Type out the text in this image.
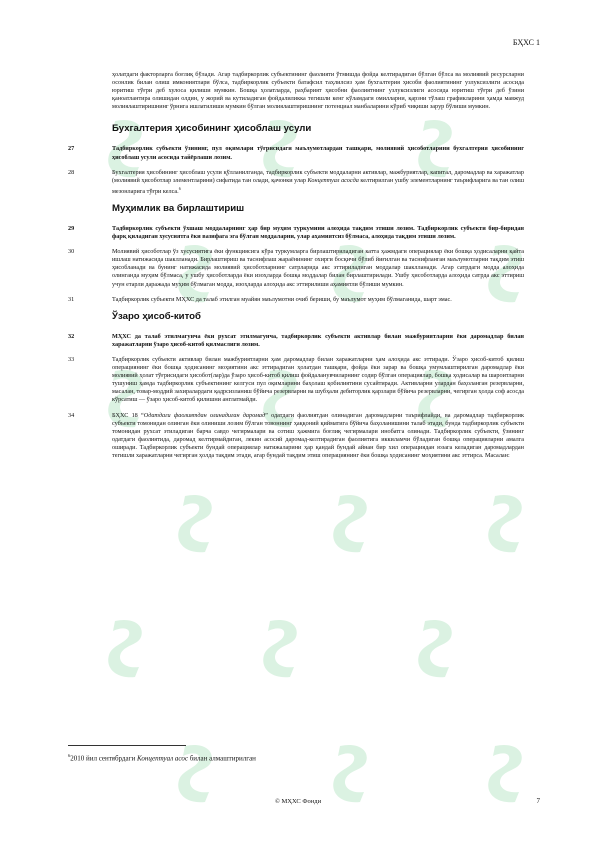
БҲХС 1

ҳолатдаги факторларга боғлиқ бўлади. Агар тадбиркорлик субъектининг фаолияти ўтмишда фойда келтирадиган бўлган бўлса ва молиявий ресурсларни осонлик билан олиш имкониятлари бўлса, тадбиркорлик субъекти батафсил таҳлилсиз ҳам бухгалтерия ҳисоби фаолиятининг узлуксизлиги асосида юритиш тўғри деб хулоса қилиши мумкин. Бошқа ҳолатларда, раҳбарият ҳисобни фаолиятнинг узлуксизлиги асосида юритиш тўғри деб ўзини қаноатлантира олишидан олдин, у жорий ва кутиладиган фойдалиликка тегишли кенг кўламдаги омилларни, қарзни тўлаш графикларини ҳамда мавжуд молиялаштиришнинг ўрнига ишлатилиши мумкин бўлган молиялаштиришнинг потенциал манбаларини кўриб чиқиши зарур бўлиши мумкин.

Бухгалтерия ҳисобининг ҳисоблаш усули
27	Тадбиркорлик субъекти ўзининг, пул оқимлари тўғрисидаги маълумотлардан ташқари, молиявий ҳисоботларини бухгалтерия ҳисобининг ҳисоблаш усули асосида тайёрлаши лозим.

28	Бухгалтерия ҳисобининг ҳисоблаш усули қўлланилганда, тадбиркорлик субъекти моддаларни активлар, мажбуриятлар, капитал, даромадлар ва харажатлар (молиявий ҳисоботлар элементларини) сифатида тан олади, қачонки улар Концептуал асосда келтирилган ушбу элементларнинг таърифларига ва тан олиш мезонларига тўғри келса.$^6$

Муҳимлик ва бирлаштириш
29	Тадбиркорлик субъекти ўхшаш моддаларнинг ҳар бир муҳим туркумини алоҳида тақдим этиши лозим. Тадбиркорлик субъекти бир-биридан фарқ қиладиган хусусиятга ёки вазифага эга бўлган моддаларни, улар аҳамиятсиз бўлмаса, алоҳида тақдим этиши лозим.

30	Молиявий ҳисоботлар ўз хусусиятига ёки функциясига кўра туркумларга бирлаштириладиган катта ҳажмдаги операциялар ёки бошқа ҳодисаларни қайта ишлаш натижасида шаклланади. Бирлаштириш ва таснифлаш жараёнининг охирги босқичи бўлиб йиғилган ва таснифланган маълумотларни тақдим этиш ҳисобланади ва бунинг натижасида молиявий ҳисоботларнинг сатрларида акс эттириладиган моддалар шаклланади. Агар сатрдаги модда алоҳида олинганда муҳим бўлмаса, у ушбу ҳисоботларда ёки изоҳларда бошқа моддалар билан бирлаштирилади. Ушбу ҳисоботларда алоҳида сатрда акс эттириш учун етарли даражада муҳим бўлмаган модда, изоҳларда алоҳида акс эттирилиши аҳамиятли бўлиши мумкин.

31	Тадбиркорлик субъекти МҲХС да талаб этилган муайян маълумотни очиб бериши, бу маълумот муҳим бўлмаганида, шарт эмас.

Ўзаро ҳисоб-китоб
32	МҲХС да талаб этилмагунча ёки рухсат этилмагунча, тадбиркорлик субъекти активлар билан мажбуриятларни ёки даромадлар билан харажатларни ўзаро ҳисоб-китоб қилмаслиги лозим.

33	Тадбиркорлик субъекти активлар билан мажбуриятларни ҳам даромадлар билан харажатларни ҳам алоҳида акс эттиради. Ўзаро ҳисоб-китоб қилиш операциянинг ёки бошқа ҳодисанинг моҳиятини акс эттирадиган ҳолатдан ташқари, фойда ёки зарар ва бошқа умумлаштирилган даромадлар ёки молиявий ҳолат тўғрисидаги ҳисобот(лар)да ўзаро ҳисоб-китоб қилиш фойдаланувчиларнинг содир бўлган операциялар, бошқа ҳодисалар ва шароитларни тушуниш ҳамда тадбиркорлик субъектининг келгуси пул оқимларини баҳолаш қобилиятини сусайтиради. Активларни улардан баҳоланган резервларни, масалан, товар-моддий захиралардаги қадрсизланиш бўйича резервларни ва шубҳали дебиторлик қарзлари бўйича резервларни, чегирган ҳолда соф асосда кўрсатиш — ўзаро ҳисоб-китоб қилишни англатмайди.

34	БҲХС 18 “Одатдаги фаолиятдан олинадиган даромад” одатдаги фаолиятдан олинадиган даромадларни таърифлайди, ва даромадлар тадбиркорлик субъекти томонидан олинган ёки олиниши лозим бўлган товоннинг ҳаққоний қийматига бўйича баҳоланишини талаб этади, бунда тадбиркорлик субъекти томонидан рухсат этиладиган барча савдо чегирмалари ва сотиш ҳажмига боғлиқ чегирмалари инобатга олинади. Тадбиркорлик субъекти, ўзининг одатдаги фаолиятида, даромад келтирмайдиган, лекин асосий даромад-келтирадиган фаолиятига иккиламчи бўладиган бошқа операцияларни амалга оширади. Тадбиркорлик субъекти бундай операциялар натижаларини ҳар қандай бундай айнан бир хил операциядан юзага келадиган даромадлардан тегишли харажатларни чегирган ҳолда тақдим этади, агар бундай тақдим этиш операциянинг ёки бошқа ҳодисанинг моҳиятини акс эттирса. Масалан:

$^6$2010 йил сентябрдаги Концептуал асос билан алмаштирилган
© МҲХС Фонди	7
